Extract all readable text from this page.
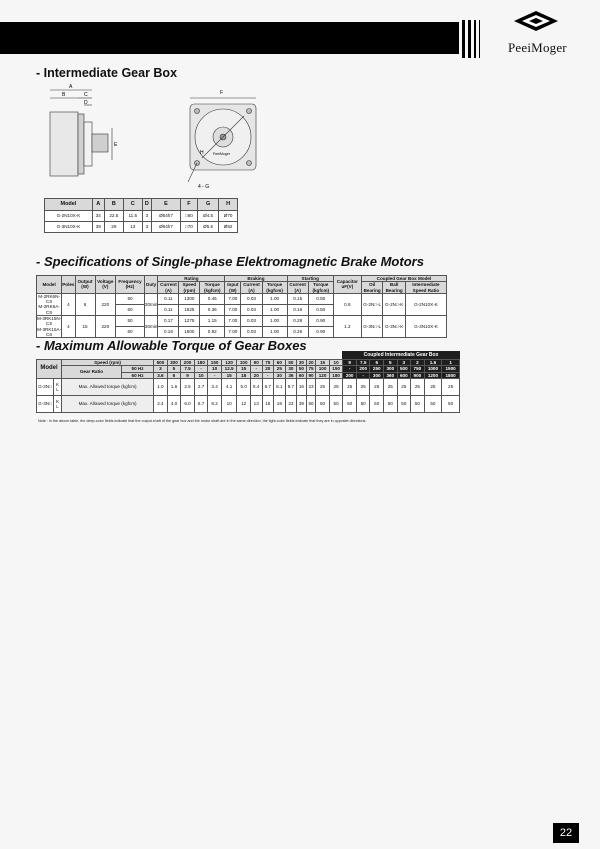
PeeiMoger
- Intermediate Gear Box
A
B	C
D
E
F
4 - G
H	PeeiMoger
Model	A	B	C	D	E	F	G	H
G-2N10X-K	34	22.5	11.5	3	Ø54h7	□60	Ø4.5	Ø70
G-3N10X-K	39	26	13	3	Ø64h7	□70	Ø5.5	Ø82
- Specifications of Single-phase Elektromagnetic Brake Motors
Model	Poles	Output (W)	Voltage (V)	Frequency (Hz)	Duty	Rating			Braking			Starting		Capacitor uF(V)	Coupled Gear Box Model		
						Current (A)	Speed (rpm)	Torque (kgfcm)	Input (W)	Current (A)	Torque (kgfcm)	Current (A)	Torque (kgfcm)		Oil Bearing	Ball Bearing	Intermediate Speed Ratio

M-2RK6N-CS
M-2RK6A-CS	4	6	220	50	30min	0.11	1300	0.45	7.00	0.03	1.00	0.15	0.50	0.8	G-2N□-L	G-2N□-K	G-2N10X-K
				60		0.11	1625	0.36	7.00	0.03	1.00	0.16	0.50				

M-3RK15N-CS
M-3RK15A-CS	4	15	220	50	30min	0.17	1275	1.15	7.00	0.03	1.00	0.28	0.90	1.2	G-3N□-L	G-3N□-K	G-3N10X-K
				60		0.16	1600	0.92	7.00	0.03	1.00	0.26	0.90				
- Maximum Allowable Torque of Gear Boxes
Coupled Intermediate Gear Box
Model		Speed (rpm)		500	300	200	180	150	120	100	90	75	60	50	30	20	15	10	9	7.5	6	5	3	2	1.5	1
		Gear Ratio	50 Hz	3	5	7.5	-	10	12.5	15	-	20	25	30	50	75	100	150	-	200	250	300	500	750	1000	1500
			60 Hz	3.6	6	9	10	-	15	18	20	-	30	36	60	90	120	180	200	-	300	360	600	900	1200	1800
G-2N□	K
L	Max. Allowed torque (kgfcm)		1.0	1.6	2.5	2.7	3.4	4.1	5.0	5.4	6.7	8.1	9.7	16	23	25	25	25	25	25	25	25	25	25	25
G-3N□	K
L	Max. Allowed torque (kgfcm)		2.4	4.0	6.0	6.7	8.2	10	12	13	16	19	23	39	50	50	50	50	50	50	50	50	50	50	50
Note : In the above table, the deep-color fields indicate that the output shaft of the gear box and the motor shaft are in the same direction, the light-color fields indicate that they are in opposite directions.
22
